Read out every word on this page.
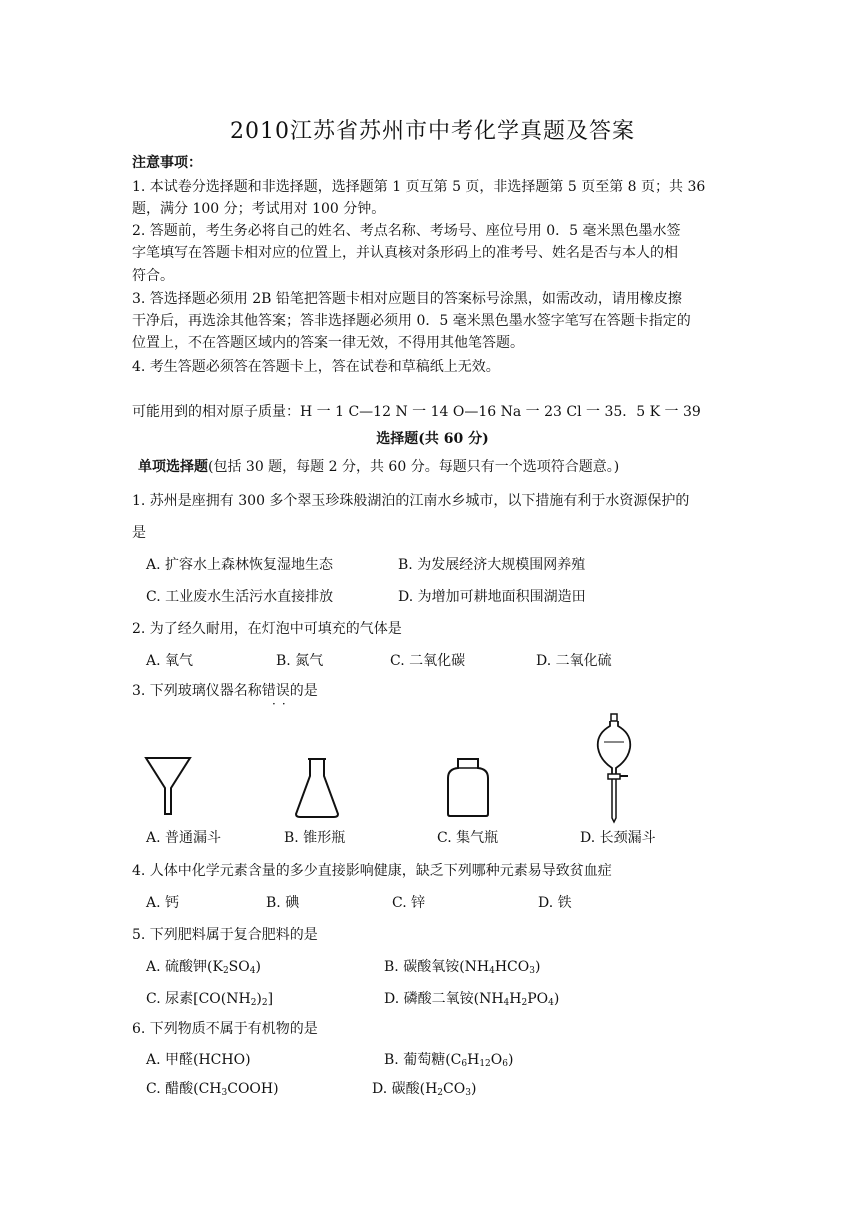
2010江苏省苏州市中考化学真题及答案
注意事项：
1. 本试卷分选择题和非选择题，选择题第 1 页互第 5 页，非选择题第 5 页至第 8 页；共 36
题，满分 100 分；考试用对 100 分钟。
2. 答题前，考生务必将自己的姓名、考点名称、考场号、座位号用 0．5 毫米黑色墨水签
字笔填写在答题卡相对应的位置上，并认真核对条形码上的准考号、姓名是否与本人的相
符合。
3. 答选择题必须用 2B 铅笔把答题卡相对应题目的答案标号涂黑，如需改动，请用橡皮擦
干净后，再选涂其他答案；答非选择题必须用 0．5 毫米黑色墨水签字笔写在答题卡指定的
位置上，不在答题区域内的答案一律无效，不得用其他笔答题。
4. 考生答题必须答在答题卡上，答在试卷和草稿纸上无效。
可能用到的相对原子质量：H 一 1 C—12 N 一 14 O—16 Na 一 23 Cl 一 35．5 K 一 39
选择题(共 60 分)
单项选择题(包括 30 题，每题 2 分，共 60 分。每题只有一个选项符合题意。)
1. 苏州是座拥有 300 多个翠玉珍珠般湖泊的江南水乡城市，以下措施有利于水资源保护的
是
A. 扩容水上森林恢复湿地生态	B. 为发展经济大规模围网养殖
C. 工业废水生活污水直接排放	D. 为增加可耕地面积围湖造田
2. 为了经久耐用，在灯泡中可填充的气体是
A. 氧气	B. 氮气	C. 二氧化碳	D. 二氧化硫
3. 下列玻璃仪器名称错误的是
··
A. 普通漏斗	B. 锥形瓶	C. 集气瓶	D. 长颈漏斗
4. 人体中化学元素含量的多少直接影响健康，缺乏下列哪种元素易导致贫血症
A. 钙	B. 碘	C. 锌	D. 铁
5. 下列肥料属于复合肥料的是
A. 硫酸钾$(K_2SO_4)$	B. 碳酸氧铵$(NH_4HCO_3)$
C. 尿素$[CO(NH_2)_2]$	D. 磷酸二氧铵$(NH_4H_2PO_4)$
6. 下列物质不属于有机物的是
A. 甲醛(HCHO)	B. 葡萄糖$(C_6H_{12}O_6)$
C. 醋酸$(CH_3COOH)$	D. 碳酸$(H_2CO_3)$
